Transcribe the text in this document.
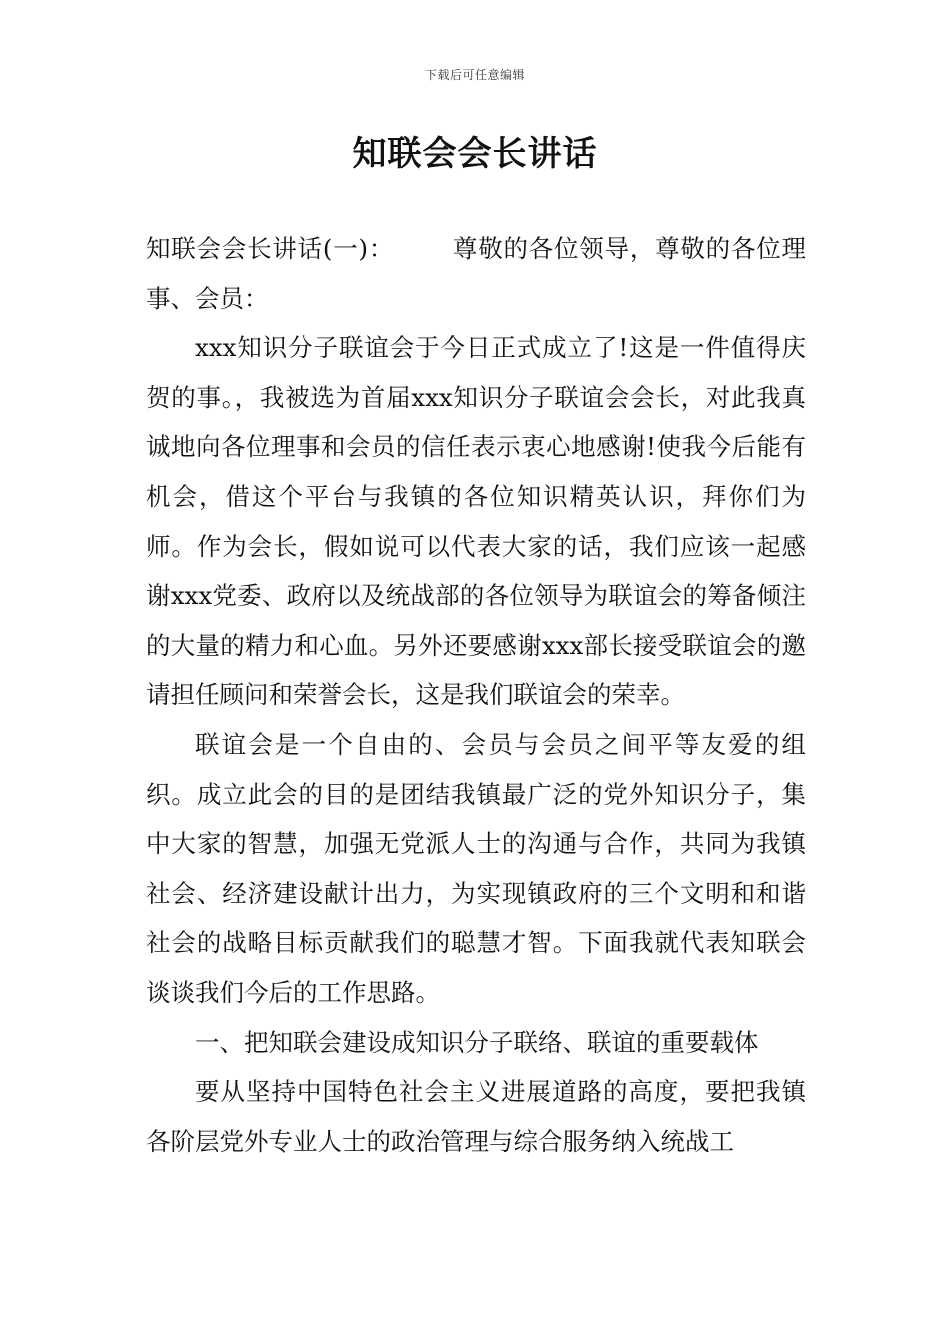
下载后可任意编辑
知联会会长讲话

知联会会长讲话(一)： 尊敬的各位领导，尊敬的各位理事、会员：

xxx知识分子联谊会于今日正式成立了!这是一件值得庆贺的事。，我被选为首届xxx知识分子联谊会会长，对此我真诚地向各位理事和会员的信任表示衷心地感谢!使我今后能有机会，借这个平台与我镇的各位知识精英认识，拜你们为师。作为会长，假如说可以代表大家的话，我们应该一起感谢xxx党委、政府以及统战部的各位领导为联谊会的筹备倾注的大量的精力和心血。另外还要感谢xxx部长接受联谊会的邀请担任顾问和荣誉会长，这是我们联谊会的荣幸。

联谊会是一个自由的、会员与会员之间平等友爱的组织。成立此会的目的是团结我镇最广泛的党外知识分子，集中大家的智慧，加强无党派人士的沟通与合作，共同为我镇社会、经济建设献计出力，为实现镇政府的三个文明和和谐社会的战略目标贡献我们的聪慧才智。下面我就代表知联会谈谈我们今后的工作思路。

一、把知联会建设成知识分子联络、联谊的重要载体

要从坚持中国特色社会主义进展道路的高度，要把我镇各阶层党外专业人士的政治管理与综合服务纳入统战工
